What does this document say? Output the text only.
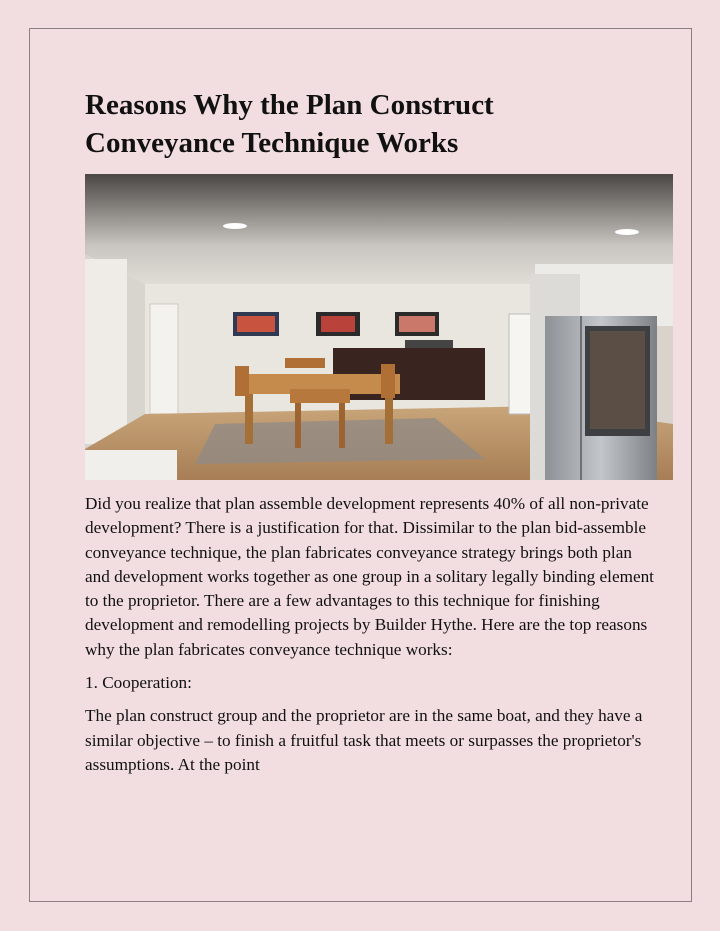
Reasons Why the Plan Construct Conveyance Technique Works

Did you realize that plan assemble development represents 40% of all non-private development? There is a justification for that. Dissimilar to the plan bid-assemble conveyance technique, the plan fabricates conveyance strategy brings both plan and development works together as one group in a solitary legally binding element to the proprietor. There are a few advantages to this technique for finishing development and remodelling projects by Builder Hythe. Here are the top reasons why the plan fabricates conveyance technique works:

1. Cooperation:

The plan construct group and the proprietor are in the same boat, and they have a similar objective – to finish a fruitful task that meets or surpasses the proprietor's assumptions. At the point
